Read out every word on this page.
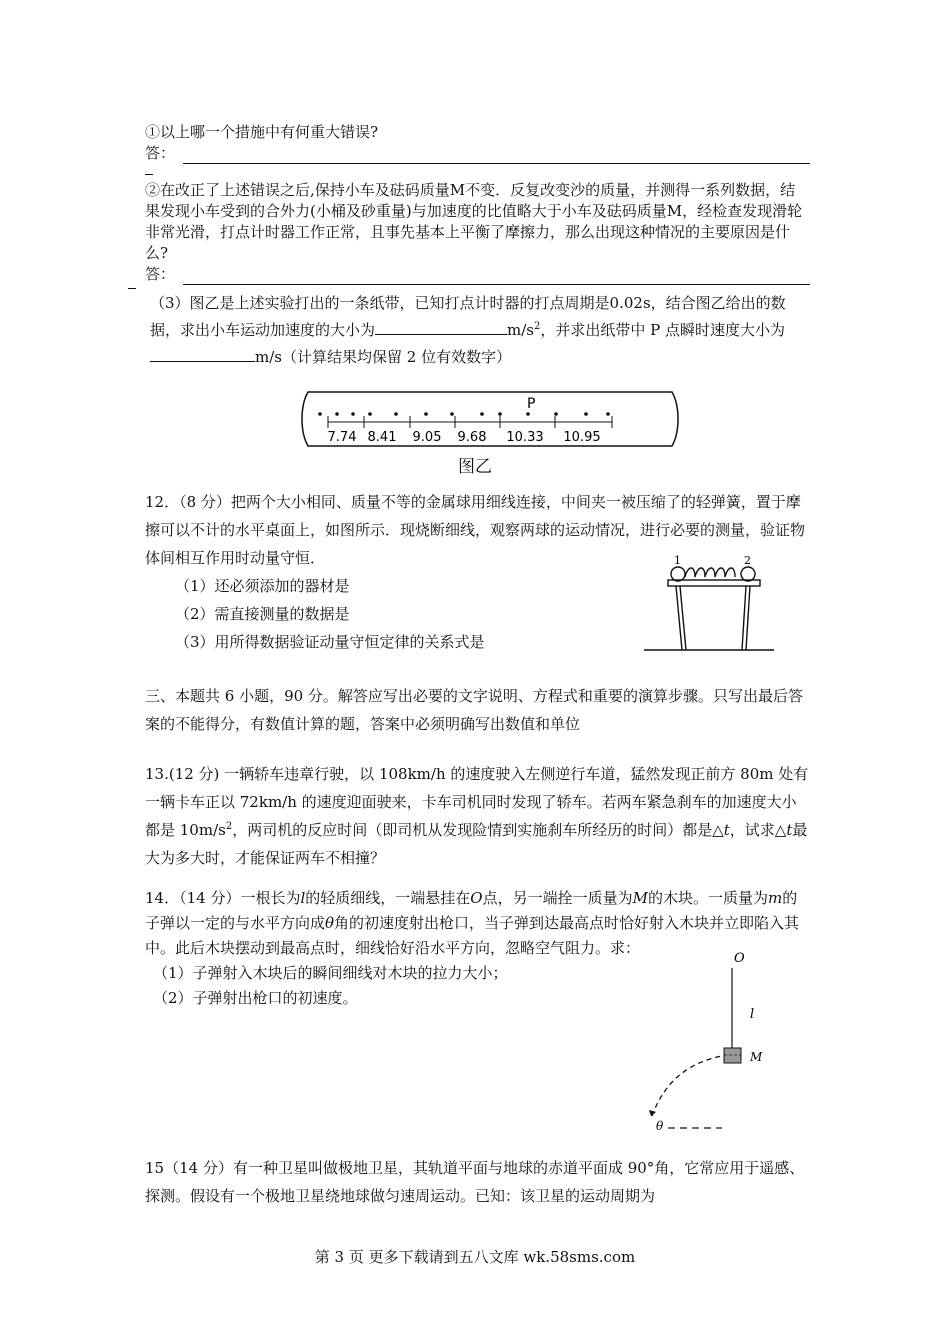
①以上哪一个措施中有何重大错误?

答：

②在改正了上述错误之后,保持小车及砝码质量M不变．反复改变沙的质量，并测得一系列数据，结果发现小车受到的合外力(小桶及砂重量)与加速度的比值略大于小车及砝码质量M，经检查发现滑轮非常光滑，打点计时器工作正常，且事先基本上平衡了摩擦力，那么出现这种情况的主要原因是什么?

答：

（3）图乙是上述实验打出的一条纸带，已知打点计时器的打点周期是0.02s，结合图乙给出的数据，求出小车运动加速度的大小为	$m/s^2$，并求出纸带中 P 点瞬时速度大小为m/s（计算结果均保留 2 位有效数字）

P
7.74 8.41 9.05 9.68 10.33 10.95
图乙

12．（8 分）把两个大小相同、质量不等的金属球用细线连接，中间夹一被压缩了的轻弹簧，置于摩擦可以不计的水平桌面上，如图所示．现烧断细线，观察两球的运动情况，进行必要的测量，验证物体间相互作用时动量守恒．

（1）还必须添加的器材是

（2）需直接测量的数据是

（3）用所得数据验证动量守恒定律的关系式是

1	2

三、本题共 6 小题，90 分。解答应写出必要的文字说明、方程式和重要的演算步骤。只写出最后答案的不能得分，有数值计算的题，答案中必须明确写出数值和单位

13.(12 分) 一辆轿车违章行驶，以 108km/h 的速度驶入左侧逆行车道，猛然发现正前方 80m 处有一辆卡车正以 72km/h 的速度迎面驶来，卡车司机同时发现了轿车。若两车紧急刹车的加速度大小都是 $10m/s^2$，两司机的反应时间（即司机从发现险情到实施刹车所经历的时间）都是△t，试求△t最大为多大时，才能保证两车不相撞？

14．（14 分）一根长为l的轻质细线，一端悬挂在O点，另一端拴一质量为M的木块。一质量为m的子弹以一定的与水平方向成θ角的初速度射出枪口，当子弹到达最高点时恰好射入木块并立即陷入其中。此后木块摆动到最高点时，细线恰好沿水平方向，忽略空气阻力。求：

（1）子弹射入木块后的瞬间细线对木块的拉力大小；

（2）子弹射出枪口的初速度。

O
l
M
θ

15（14 分）有一种卫星叫做极地卫星，其轨道平面与地球的赤道平面成 90°角，它常应用于遥感、探测。假设有一个极地卫星绕地球做匀速周运动。已知：该卫星的运动周期为

第 3 页 更多下载请到五八文库 wk.58sms.com
